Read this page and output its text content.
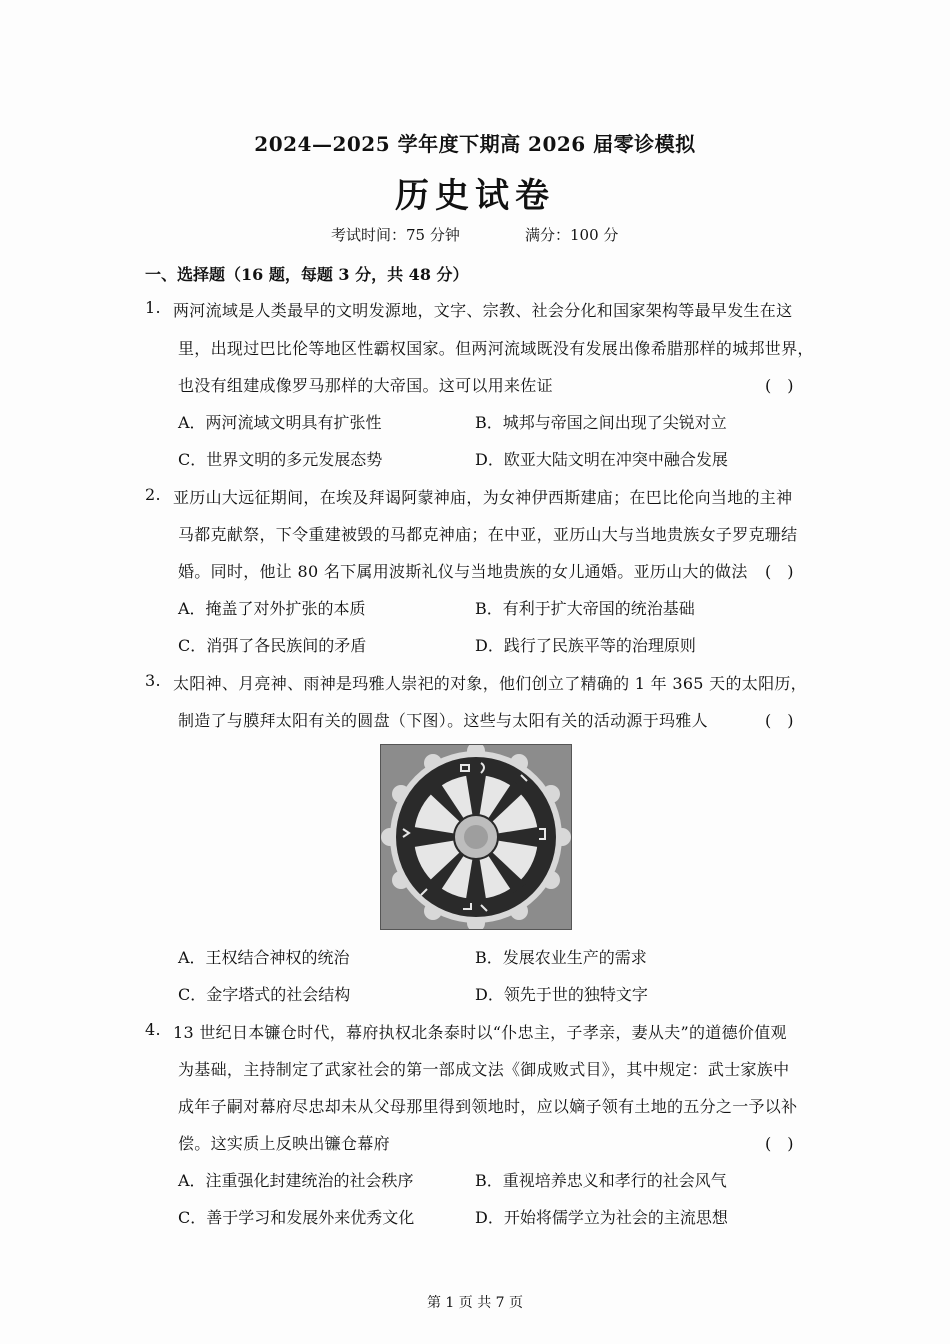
2024—2025 学年度下期高 2026 届零诊模拟
历史试卷
考试时间：75 分钟	满分：100 分
一、选择题（16 题，每题 3 分，共 48 分）
1. 两河流域是人类最早的文明发源地，文字、宗教、社会分化和国家架构等最早发生在这
里，出现过巴比伦等地区性霸权国家。但两河流域既没有发展出像希腊那样的城邦世界，
也没有组建成像罗马那样的大帝国。这可以用来佐证	(　)
A．两河流域文明具有扩张性	B．城邦与帝国之间出现了尖锐对立
C．世界文明的多元发展态势	D．欧亚大陆文明在冲突中融合发展
2. 亚历山大远征期间，在埃及拜谒阿蒙神庙，为女神伊西斯建庙；在巴比伦向当地的主神
马都克献祭，下令重建被毁的马都克神庙；在中亚，亚历山大与当地贵族女子罗克珊结
婚。同时，他让 80 名下属用波斯礼仪与当地贵族的女儿通婚。亚历山大的做法 (　)
A．掩盖了对外扩张的本质	B．有利于扩大帝国的统治基础
C．消弭了各民族间的矛盾	D．践行了民族平等的治理原则
3. 太阳神、月亮神、雨神是玛雅人崇祀的对象，他们创立了精确的 1 年 365 天的太阳历，
制造了与膜拜太阳有关的圆盘（下图）。这些与太阳有关的活动源于玛雅人	(　)
A．王权结合神权的统治	B．发展农业生产的需求
C．金字塔式的社会结构	D．领先于世的独特文字
4. 13 世纪日本镰仓时代，幕府执权北条泰时以“仆忠主，子孝亲，妻从夫”的道德价值观
为基础，主持制定了武家社会的第一部成文法《御成败式目》，其中规定：武士家族中
成年子嗣对幕府尽忠却未从父母那里得到领地时，应以嫡子领有土地的五分之一予以补
偿。这实质上反映出镰仓幕府	(　)
A．注重强化封建统治的社会秩序	B．重视培养忠义和孝行的社会风气
C．善于学习和发展外来优秀文化	D．开始将儒学立为社会的主流思想
第 1 页 共 7 页
